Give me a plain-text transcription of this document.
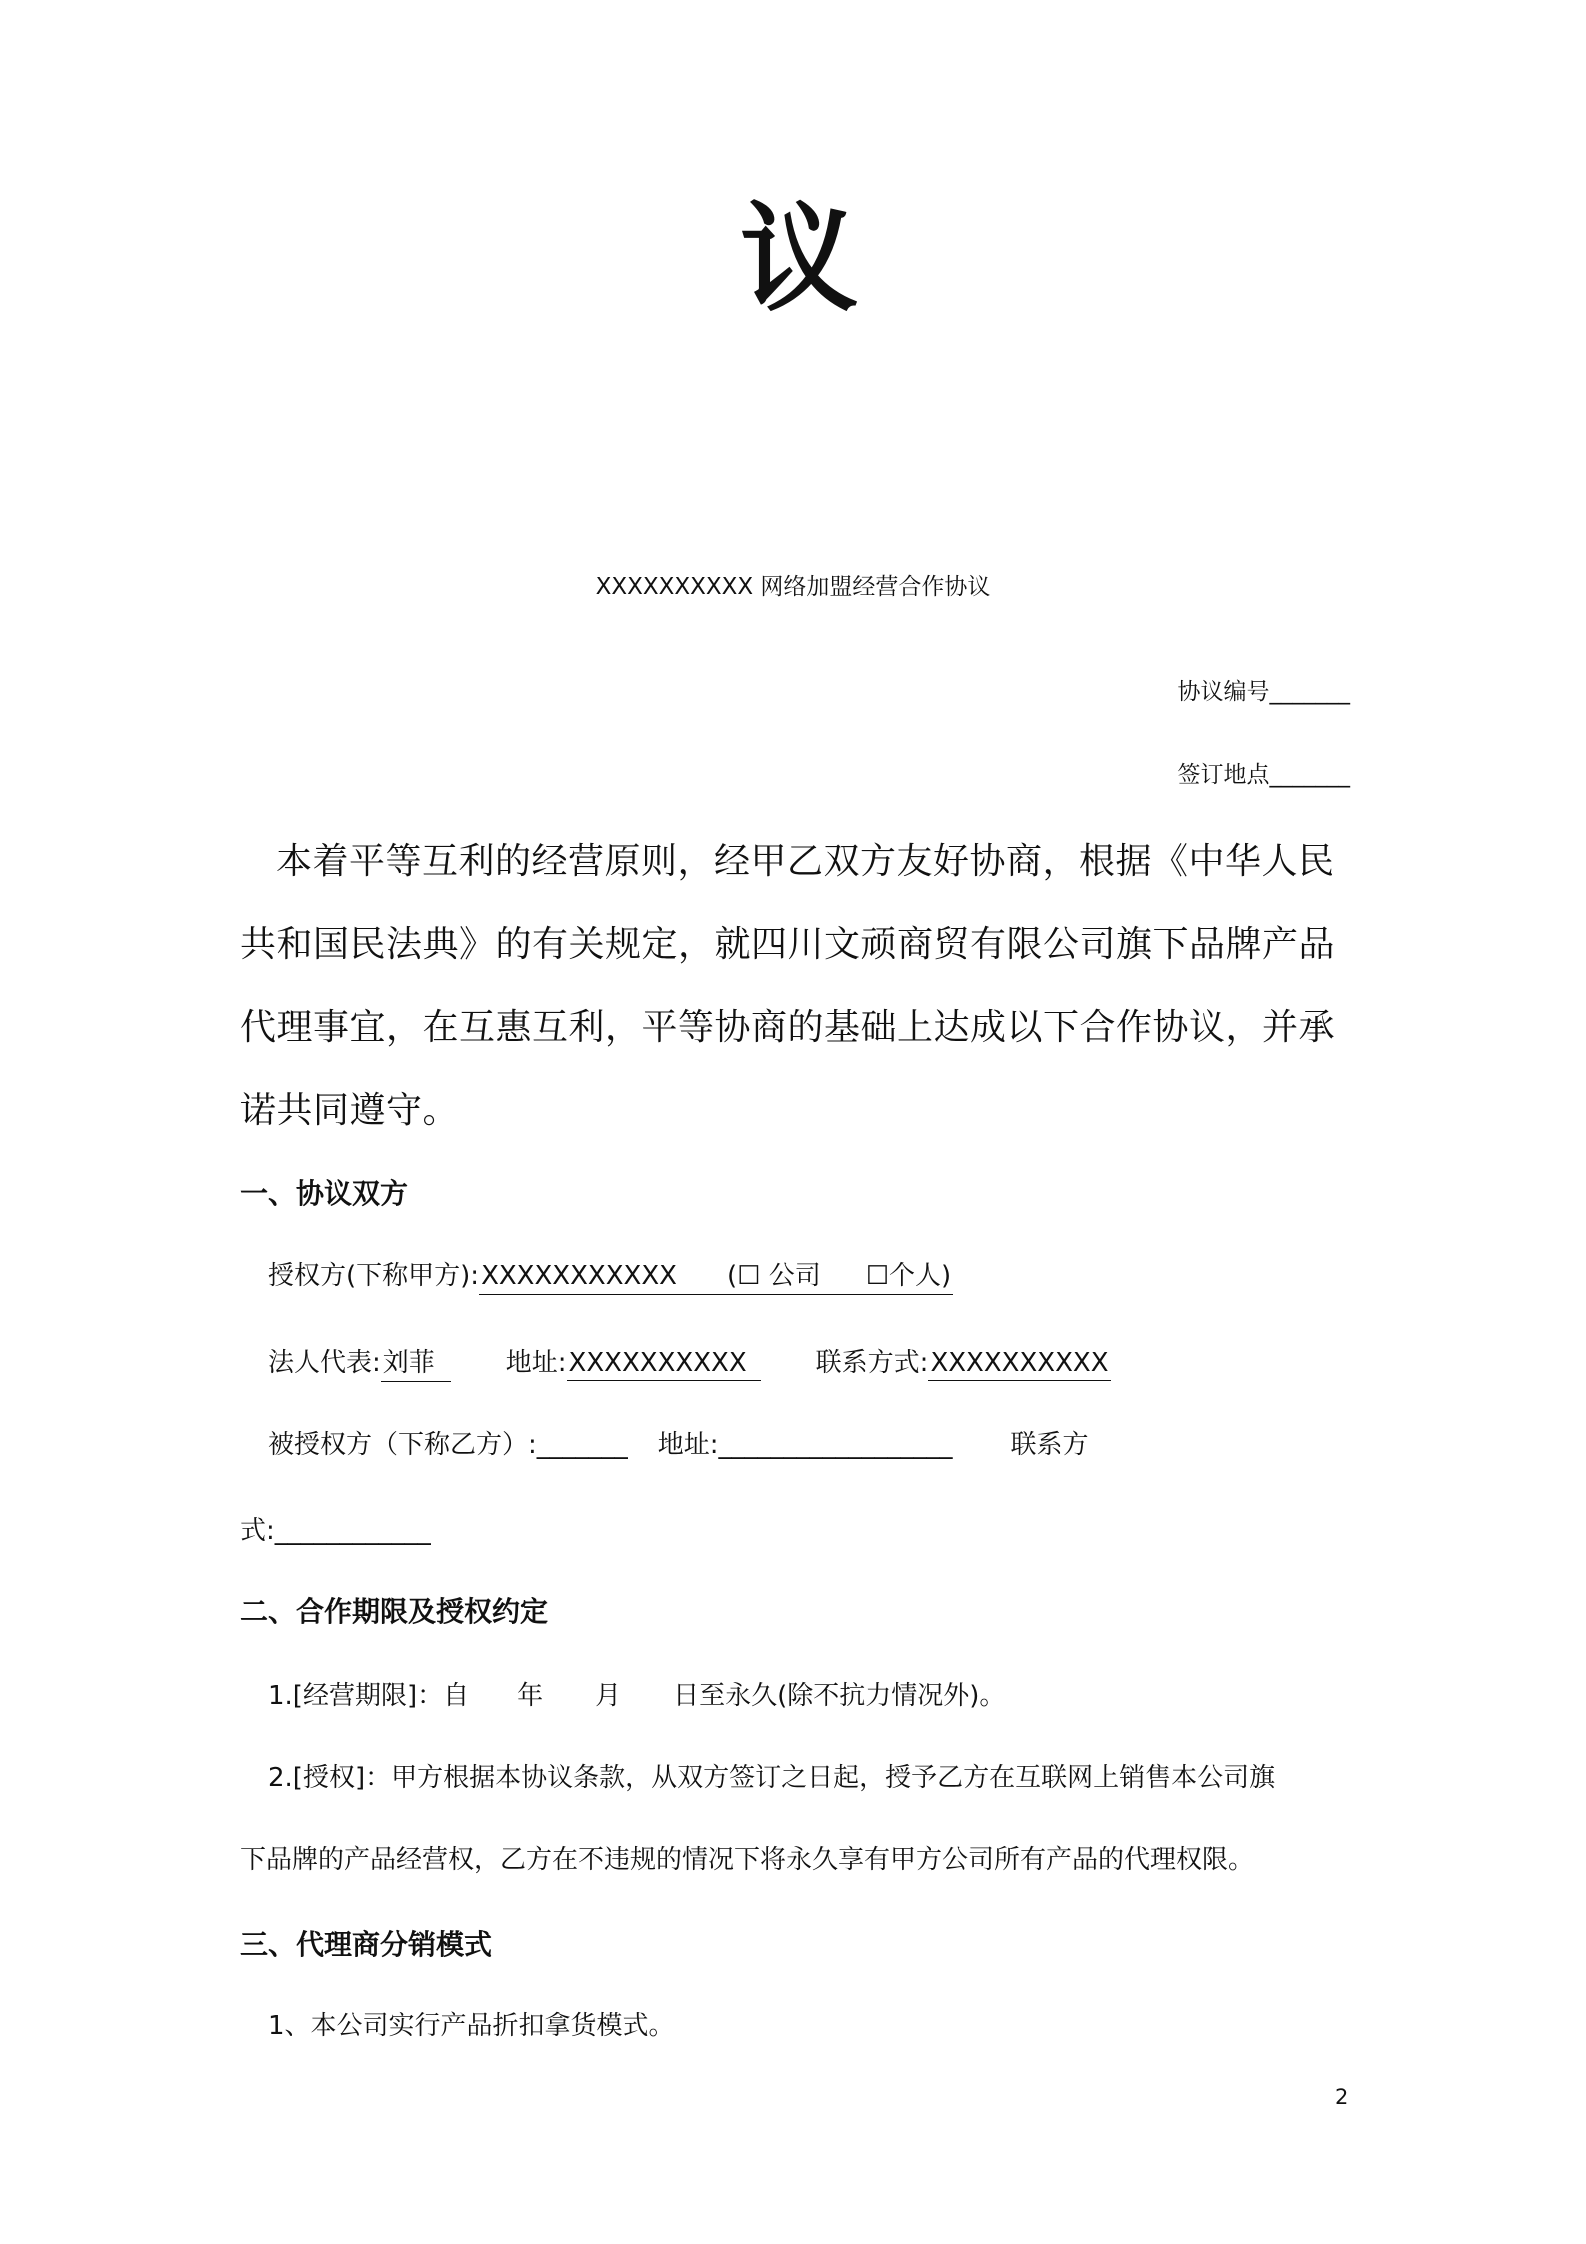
议
XXXXXXXXXX 网络加盟经营合作协议
协议编号_______
签订地点_______
本着平等互利的经营原则，经甲乙双方友好协商，根据《中华人民共和国民法典》的有关规定，就四川文顽商贸有限公司旗下品牌产品代理事宜，在互惠互利，平等协商的基础上达成以下合作协议，并承诺共同遵守。
一、协议双方
授权方(下称甲方):XXXXXXXXXXX (☐ 公司 ☐个人)
法人代表:刘菲	地址:XXXXXXXXXX	联系方式:XXXXXXXXXX
被授权方（下称乙方）:_______ 地址:__________________ 联系方
式:____________
二、合作期限及授权约定
1.[经营期限]：自 年 月 日至永久(除不抗力情况外)。
2.[授权]：甲方根据本协议条款，从双方签订之日起，授予乙方在互联网上销售本公司旗
下品牌的产品经营权，乙方在不违规的情况下将永久享有甲方公司所有产品的代理权限。
三、代理商分销模式
1、本公司实行产品折扣拿货模式。
2
